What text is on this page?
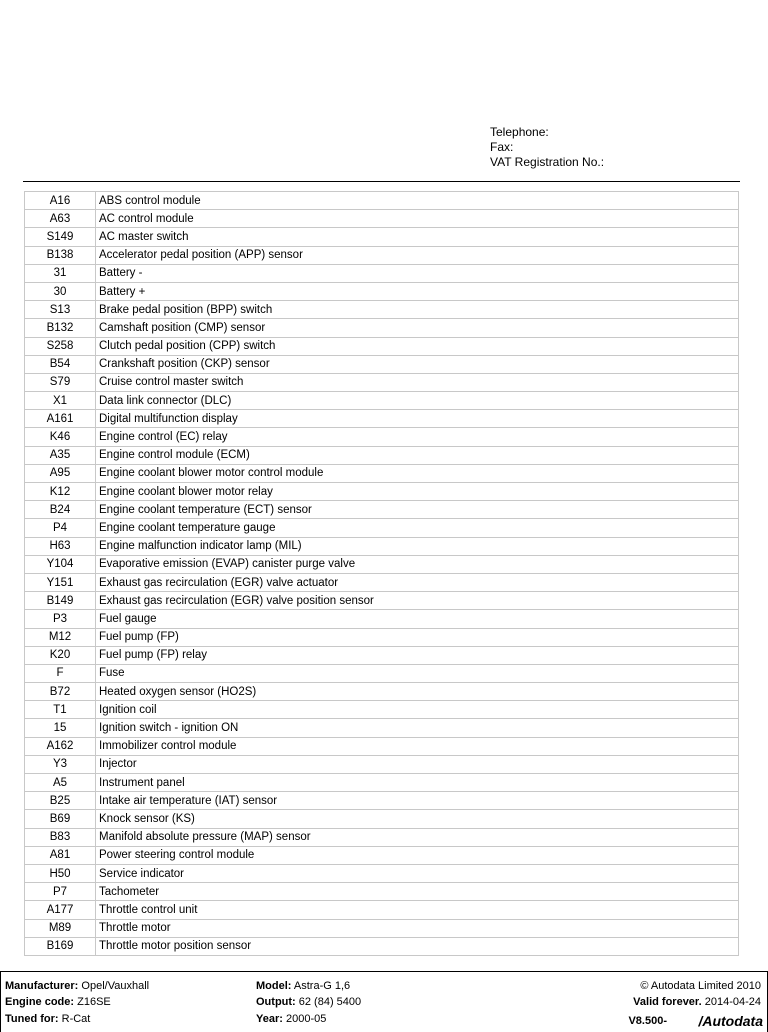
Telephone:
Fax:
VAT Registration No.:
A16	ABS control module
A63	AC control module
S149	AC master switch
B138	Accelerator pedal position (APP) sensor
31	Battery -
30	Battery +
S13	Brake pedal position (BPP) switch
B132	Camshaft position (CMP) sensor
S258	Clutch pedal position (CPP) switch
B54	Crankshaft position (CKP) sensor
S79	Cruise control master switch
X1	Data link connector (DLC)
A161	Digital multifunction display
K46	Engine control (EC) relay
A35	Engine control module (ECM)
A95	Engine coolant blower motor control module
K12	Engine coolant blower motor relay
B24	Engine coolant temperature (ECT) sensor
P4	Engine coolant temperature gauge
H63	Engine malfunction indicator lamp (MIL)
Y104	Evaporative emission (EVAP) canister purge valve
Y151	Exhaust gas recirculation (EGR) valve actuator
B149	Exhaust gas recirculation (EGR) valve position sensor
P3	Fuel gauge
M12	Fuel pump (FP)
K20	Fuel pump (FP) relay
F	Fuse
B72	Heated oxygen sensor (HO2S)
T1	Ignition coil
15	Ignition switch - ignition ON
A162	Immobilizer control module
Y3	Injector
A5	Instrument panel
B25	Intake air temperature (IAT) sensor
B69	Knock sensor (KS)
B83	Manifold absolute pressure (MAP) sensor
A81	Power steering control module
H50	Service indicator
P7	Tachometer
A177	Throttle control unit
M89	Throttle motor
B169	Throttle motor position sensor
Manufacturer: Opel/Vauxhall
Engine code: Z16SE
Tuned for: R-Cat
Model: Astra-G 1,6
Output: 62 (84) 5400
Year: 2000-05
© Autodata Limited 2010
Valid forever. 2014-04-24
V8.500- /Autodata
